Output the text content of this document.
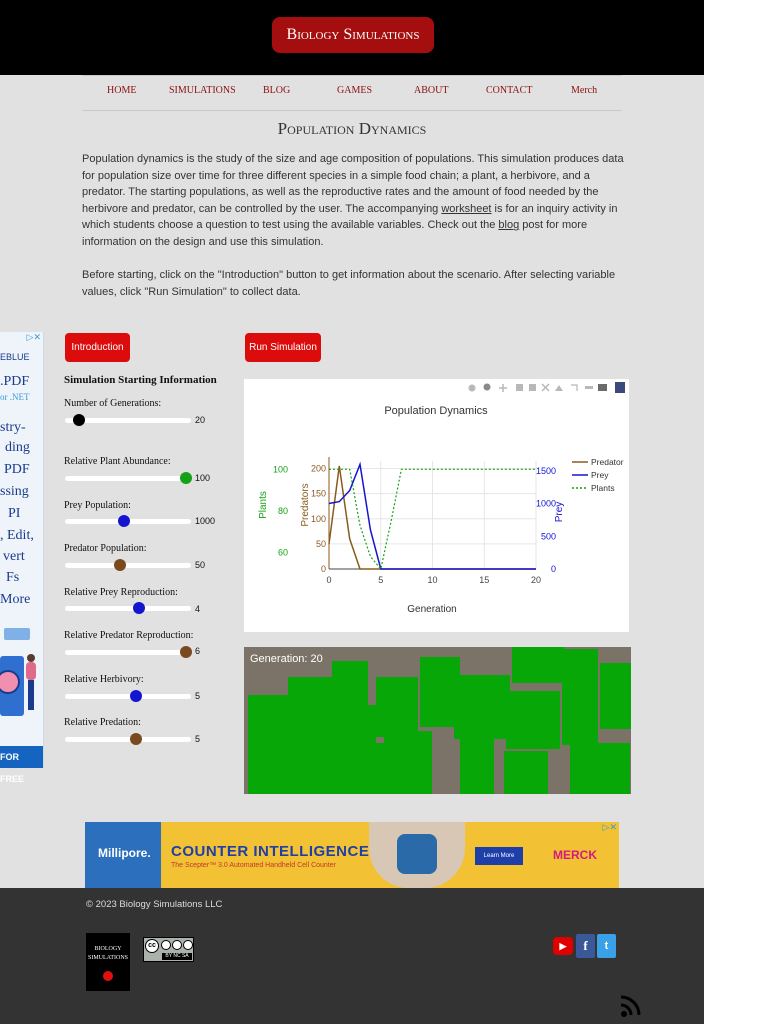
Biology Simulations
HOME	SIMULATIONS	BLOG	GAMES	ABOUT	CONTACT	Merch
Population Dynamics

Population dynamics is the study of the size and age composition of populations. This simulation produces data for population size over time for three different species in a simple food chain; a plant, a herbivore, and a predator. The starting populations, as well as the reproductive rates and the amount of food needed by the herbivore and predator, can be controlled by the user. The accompanying worksheet is for an inquiry activity in which students choose a question to test using the available variables. Check out the blog post for more information on the design and use this simulation.

Before starting, click on the "Introduction" button to get information about the scenario. After selecting variable values, click "Run Simulation" to collect data.

▷✕
EBLUE
.PDF
or .NET
stry-
ding
PDF
ssing
PI
, Edit,
vert
Fs
More
FOR FREE
Introduction	Run Simulation
Simulation Starting Information
Number of Generations:
20
Relative Plant Abundance:
100
Prey Population:
1000
Predator Population:
50
Relative Prey Reproduction:
4
Relative Predator Reproduction:
6
Relative Herbivory:
5
Relative Predation:
5
Population Dynamics
0	5	10	15	20
0
50
100
150
200
60
80
100
0
500
1000
1500
Predator
Prey
Plants
Generation
Plants	Predators	Prey
Generation: 20
Millipore. COUNTER INTELLIGENCE
The Scepter™ 3.0 Automated Handheld Cell Counter
Learn More	MERCK
▷✕
© 2023 Biology Simulations LLC
BIOLOGY SIMULATIONS
cc
BY NC SA
▶	f	t
